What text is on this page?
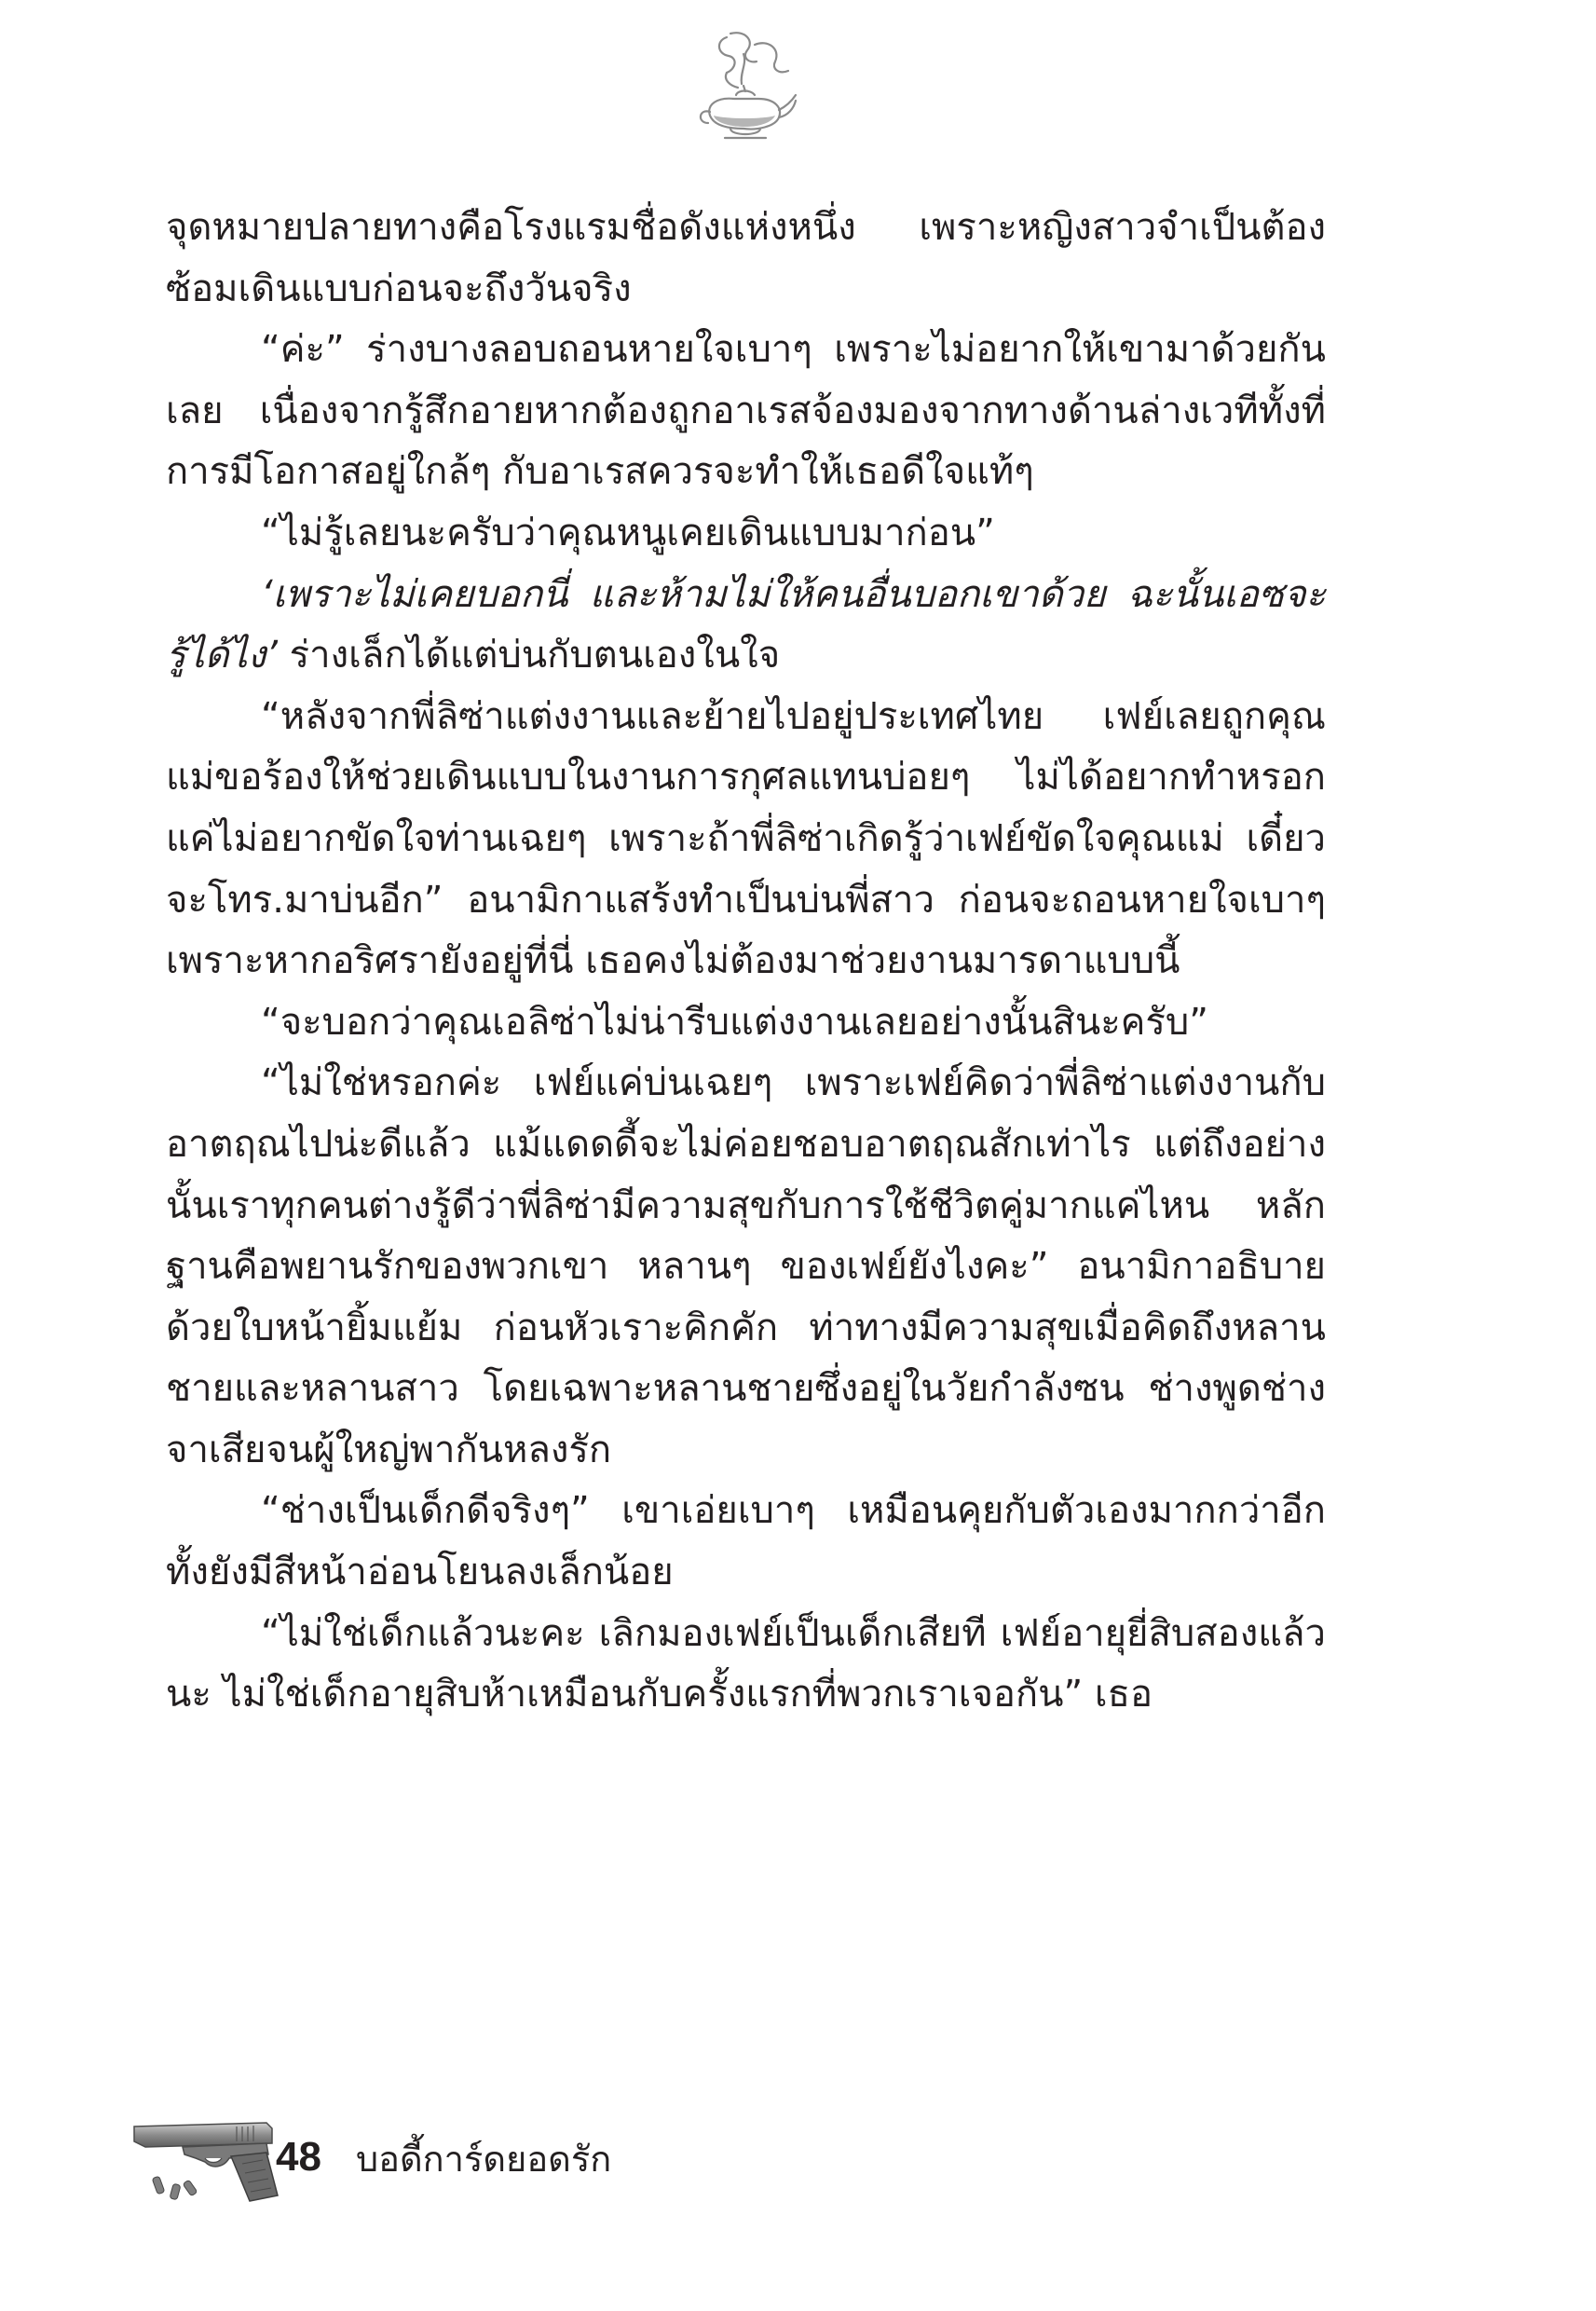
จุดหมายปลายทางคือโรงแรมชื่อดังแห่งหนึ่ง เพราะหญิงสาวจำเป็นต้องซ้อมเดินแบบก่อนจะถึงวันจริง

“ค่ะ” ร่างบางลอบถอนหายใจเบาๆ เพราะไม่อยากให้เขามาด้วยกันเลย เนื่องจากรู้สึกอายหากต้องถูกอาเรสจ้องมองจากทางด้านล่างเวทีทั้งที่การมีโอกาสอยู่ใกล้ๆ กับอาเรสควรจะทำให้เธอดีใจแท้ๆ

“ไม่รู้เลยนะครับว่าคุณหนูเคยเดินแบบมาก่อน”

‘เพราะไม่เคยบอกนี่ และห้ามไม่ให้คนอื่นบอกเขาด้วย ฉะนั้นเอซจะรู้ได้ไง’ ร่างเล็กได้แต่บ่นกับตนเองในใจ

“หลังจากพี่ลิซ่าแต่งงานและย้ายไปอยู่ประเทศไทย เฟย์เลยถูกคุณแม่ขอร้องให้ช่วยเดินแบบในงานการกุศลแทนบ่อยๆ ไม่ได้อยากทำหรอก แค่ไม่อยากขัดใจท่านเฉยๆ เพราะถ้าพี่ลิซ่าเกิดรู้ว่าเฟย์ขัดใจคุณแม่ เดี๋ยวจะโทร.มาบ่นอีก” อนามิกาแสร้งทำเป็นบ่นพี่สาว ก่อนจะถอนหายใจเบาๆ เพราะหากอริศรายังอยู่ที่นี่ เธอคงไม่ต้องมาช่วยงานมารดาแบบนี้

“จะบอกว่าคุณเอลิซ่าไม่น่ารีบแต่งงานเลยอย่างนั้นสินะครับ”

“ไม่ใช่หรอกค่ะ เฟย์แค่บ่นเฉยๆ เพราะเฟย์คิดว่าพี่ลิซ่าแต่งงานกับอาตฤณไปน่ะดีแล้ว แม้แดดดี้จะไม่ค่อยชอบอาตฤณสักเท่าไร แต่ถึงอย่างนั้นเราทุกคนต่างรู้ดีว่าพี่ลิซ่ามีความสุขกับการใช้ชีวิตคู่มากแค่ไหน หลักฐานคือพยานรักของพวกเขา หลานๆ ของเฟย์ยังไงคะ” อนามิกาอธิบายด้วยใบหน้ายิ้มแย้ม ก่อนหัวเราะคิกคัก ท่าทางมีความสุขเมื่อคิดถึงหลานชายและหลานสาว โดยเฉพาะหลานชายซึ่งอยู่ในวัยกำลังซน ช่างพูดช่างจาเสียจนผู้ใหญ่พากันหลงรัก

“ช่างเป็นเด็กดีจริงๆ” เขาเอ่ยเบาๆ เหมือนคุยกับตัวเองมากกว่าอีกทั้งยังมีสีหน้าอ่อนโยนลงเล็กน้อย

“ไม่ใช่เด็กแล้วนะคะ เลิกมองเฟย์เป็นเด็กเสียที เฟย์อายุยี่สิบสองแล้วนะ ไม่ใช่เด็กอายุสิบห้าเหมือนกับครั้งแรกที่พวกเราเจอกัน” เธอ

48 บอดี้การ์ดยอดรัก
